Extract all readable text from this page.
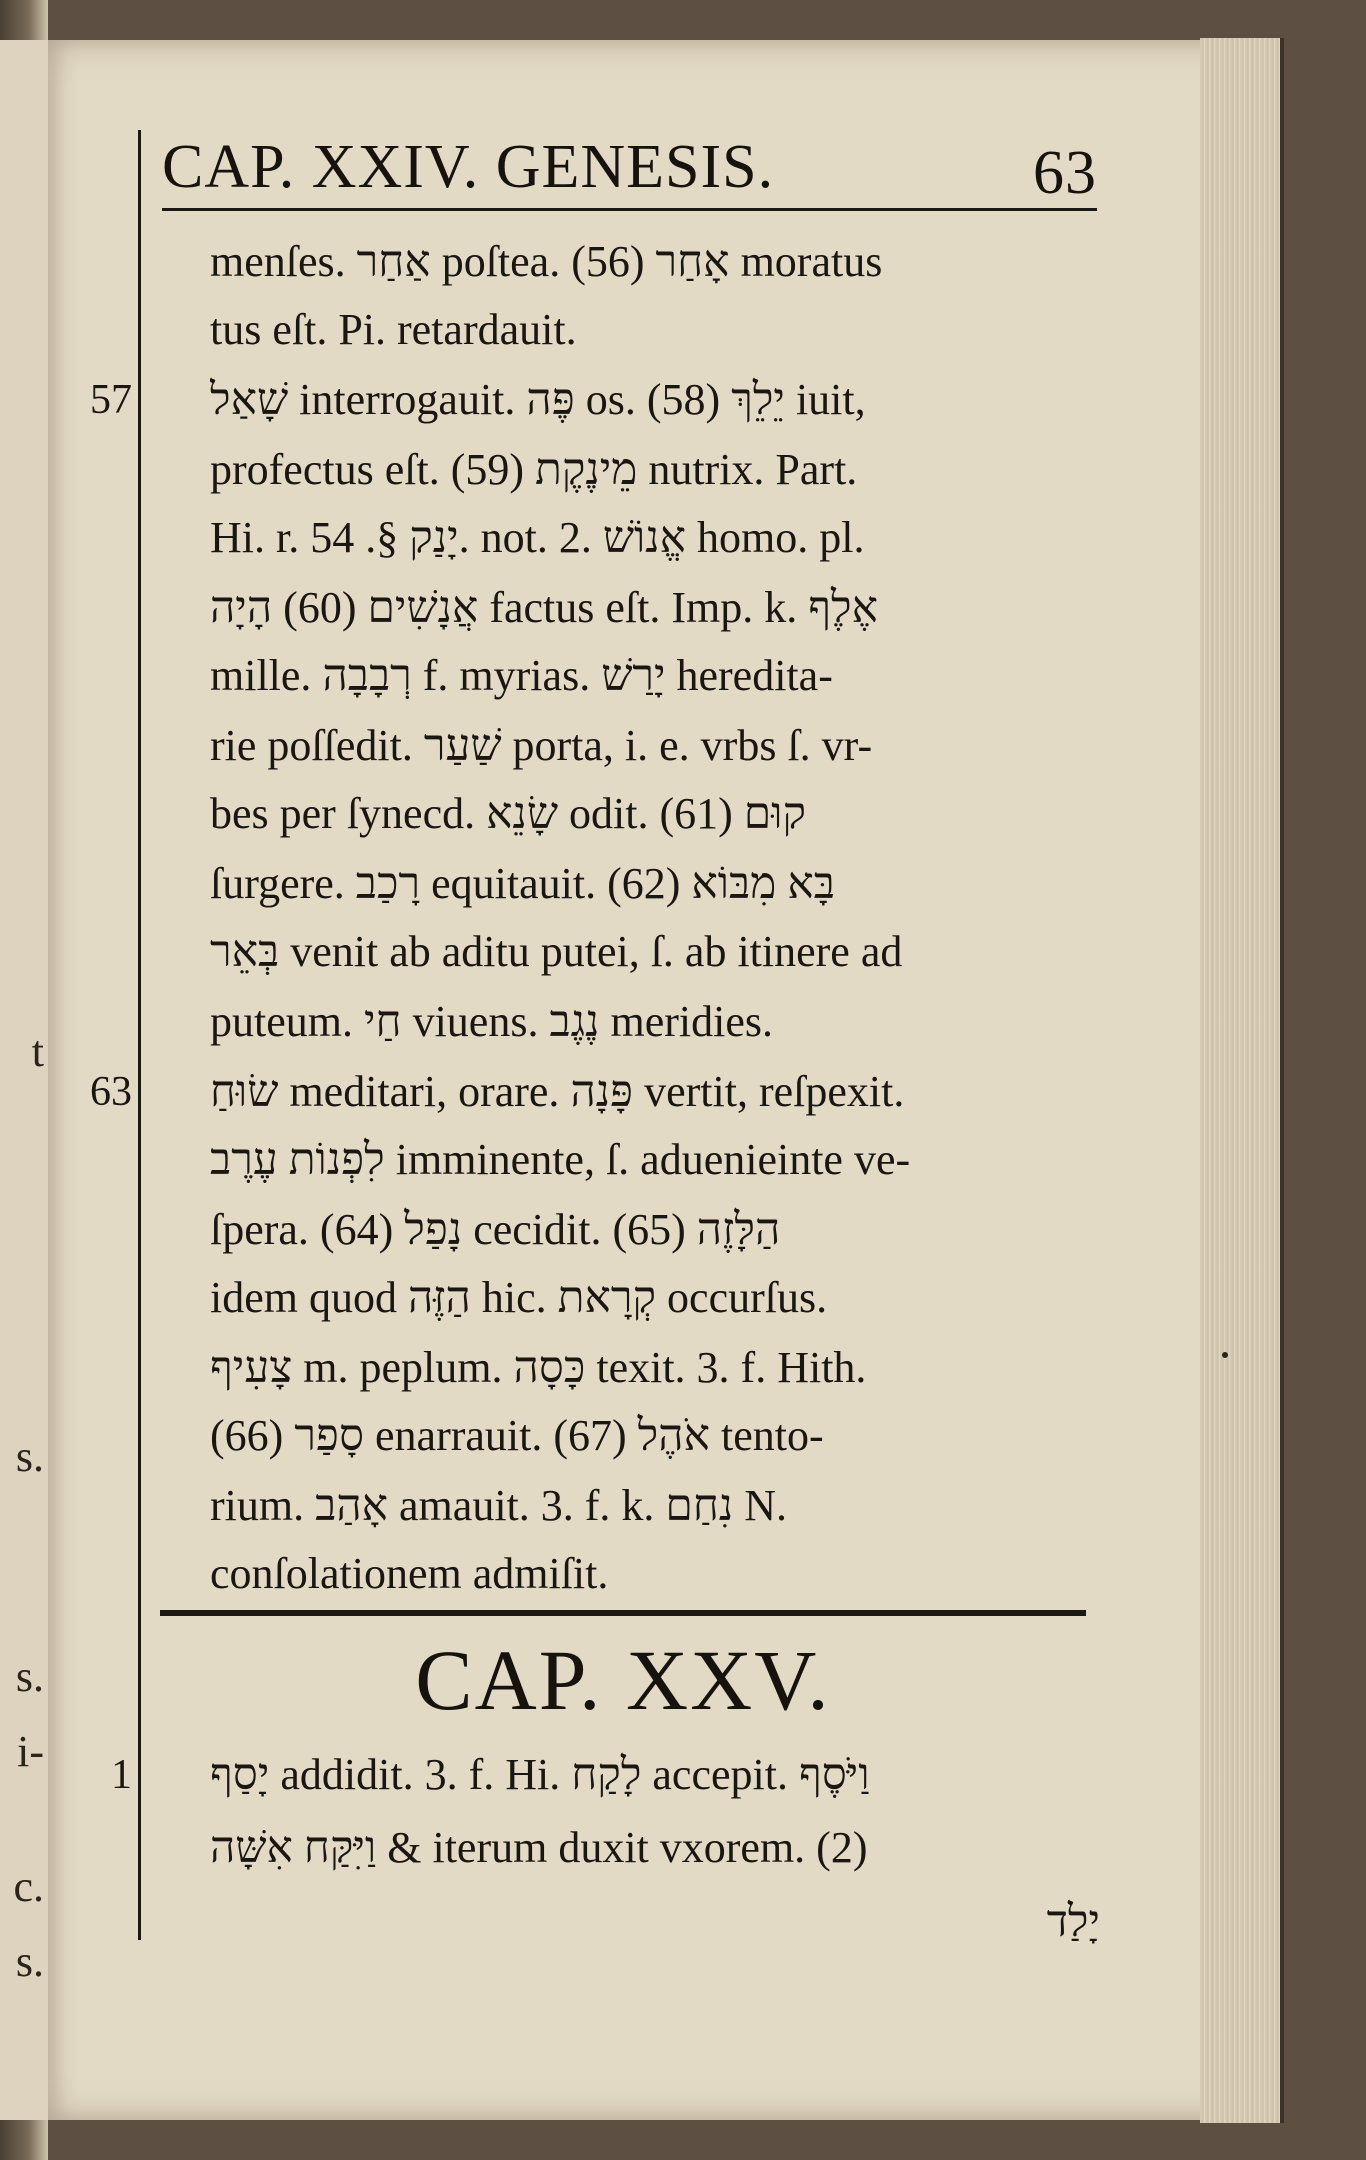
t
s.
s.
i-
c.
s.
CAP. XXIV. GENESIS.	63
57
63
1
menſes. אַחַר poſtea. (56) אָחַר moratus
tus eſt. Pi. retardauit.
שָׁאַל interrogauit. פֶּה os. (58) יֵלֵךְ iuit,
profectus eſt. (59) מֵינֶקֶת nutrix. Part.
Hi. r. יָנַק §. 54. not. 2. אֱנוֹשׁ homo. pl.
אֲנָשִׁים (60) הָיָה factus eſt. Imp. k. אֶלֶף
mille. רְבָבָה f. myrias. יָרַשׁ heredita-
rie poſſedit. שַׁעַר porta, i. e. vrbs ſ. vr-
bes per ſynecd. שָׂנֵא odit. (61) קוּם
ſurgere. רָכַב equitauit. (62) בָּא מִבּוֹא
בְּאֵר venit ab aditu putei, ſ. ab itinere ad
puteum. חַי viuens. נֶגֶב meridies.
שׂוּחַ meditari, orare. פָּנָה vertit, reſpexit.
לִפְנוֹת עֶרֶב imminente, ſ. aduenieinte ve-
ſpera. (64) נָפַל cecidit. (65) הַלָּזֶה
idem quod הַזֶּה hic. קְרָאת occurſus.
צָעִיף m. peplum. כָּסָה texit. 3. f. Hith.
(66) סָפַר enarrauit. (67) אֹהֶל tento-
rium. אָהַב amauit. 3. f. k. נִחַם N.
conſolationem admiſit.
CAP. XXV.
יָסַף addidit. 3. f. Hi. לָקַח accepit. וַיֹּסֶף
וַיִּקַּח אִשָּׁה & iterum duxit vxorem. (2)
יָלַד
